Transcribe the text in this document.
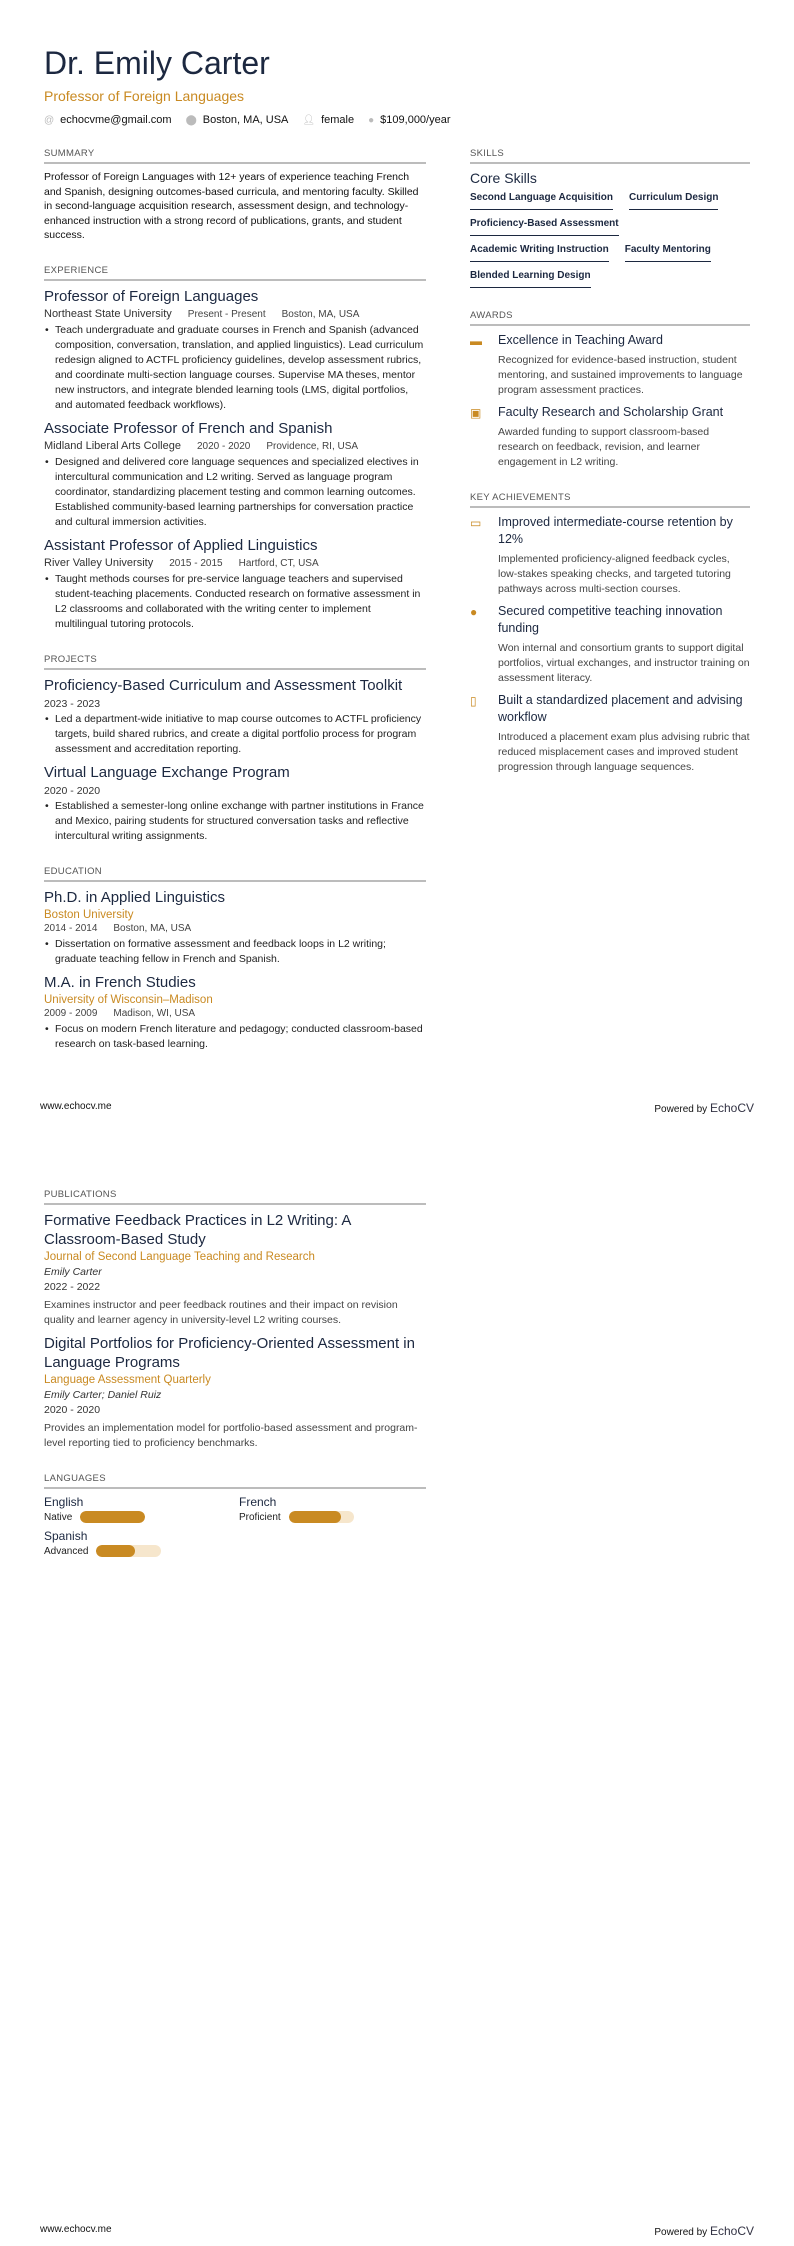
Dr. Emily Carter
Professor of Foreign Languages
@ echocvme@gmail.com ⬤ Boston, MA, USA 👤︎ female ● $109,000/year
SUMMARY

Professor of Foreign Languages with 12+ years of experience teaching French and Spanish, designing outcomes-based curricula, and mentoring faculty. Skilled in second-language acquisition research, assessment design, and technology-enhanced instruction with a strong record of publications, grants, and student success.

EXPERIENCE
Professor of Foreign Languages
Northeast State University Present - Present Boston, MA, USA
• Teach undergraduate and graduate courses in French and Spanish (advanced composition, conversation, translation, and applied linguistics). Lead curriculum redesign aligned to ACTFL proficiency guidelines, develop assessment rubrics, and coordinate multi-section language courses. Supervise MA theses, mentor new instructors, and integrate blended learning tools (LMS, digital portfolios, and automated feedback workflows).
Associate Professor of French and Spanish
Midland Liberal Arts College 2020 - 2020 Providence, RI, USA
• Designed and delivered core language sequences and specialized electives in intercultural communication and L2 writing. Served as language program coordinator, standardizing placement testing and common learning outcomes. Established community-based learning partnerships for conversation practice and cultural immersion activities.
Assistant Professor of Applied Linguistics
River Valley University 2015 - 2015 Hartford, CT, USA
• Taught methods courses for pre-service language teachers and supervised student-teaching placements. Conducted research on formative assessment in L2 classrooms and collaborated with the writing center to implement multilingual tutoring protocols.
PROJECTS
Proficiency-Based Curriculum and Assessment Toolkit
2023 - 2023
• Led a department-wide initiative to map course outcomes to ACTFL proficiency targets, build shared rubrics, and create a digital portfolio process for program assessment and accreditation reporting.
Virtual Language Exchange Program
2020 - 2020
• Established a semester-long online exchange with partner institutions in France and Mexico, pairing students for structured conversation tasks and reflective intercultural writing assignments.
EDUCATION
Ph.D. in Applied Linguistics
Boston University
2014 - 2014 Boston, MA, USA
• Dissertation on formative assessment and feedback loops in L2 writing; graduate teaching fellow in French and Spanish.
M.A. in French Studies
University of Wisconsin–Madison
2009 - 2009 Madison, WI, USA
• Focus on modern French literature and pedagogy; conducted classroom-based research on task-based learning.
SKILLS
Core Skills
Second Language Acquisition Curriculum Design
Proficiency-Based Assessment
Academic Writing Instruction Faculty Mentoring
Blended Learning Design
AWARDS
▬	Excellence in Teaching Award
Recognized for evidence-based instruction, student mentoring, and sustained improvements to language program assessment practices.
▣	Faculty Research and Scholarship Grant
Awarded funding to support classroom-based research on feedback, revision, and learner engagement in L2 writing.
KEY ACHIEVEMENTS
▭	Improved intermediate-course retention by 12%
Implemented proficiency-aligned feedback cycles, low-stakes speaking checks, and targeted tutoring pathways across multi-section courses.
●	Secured competitive teaching innovation funding
Won internal and consortium grants to support digital portfolios, virtual exchanges, and instructor training on assessment literacy.
▯	Built a standardized placement and advising workflow
Introduced a placement exam plus advising rubric that reduced misplacement cases and improved student progression through language sequences.
www.echocv.me	Powered by EchoCV
PUBLICATIONS
Formative Feedback Practices in L2 Writing: A Classroom-Based Study
Journal of Second Language Teaching and Research
Emily Carter
2022 - 2022
Examines instructor and peer feedback routines and their impact on revision quality and learner agency in university-level L2 writing courses.
Digital Portfolios for Proficiency-Oriented Assessment in Language Programs
Language Assessment Quarterly
Emily Carter; Daniel Ruiz
2020 - 2020
Provides an implementation model for portfolio-based assessment and program-level reporting tied to proficiency benchmarks.
LANGUAGES
English
Native
French
Proficient
Spanish
Advanced
www.echocv.me	Powered by EchoCV
